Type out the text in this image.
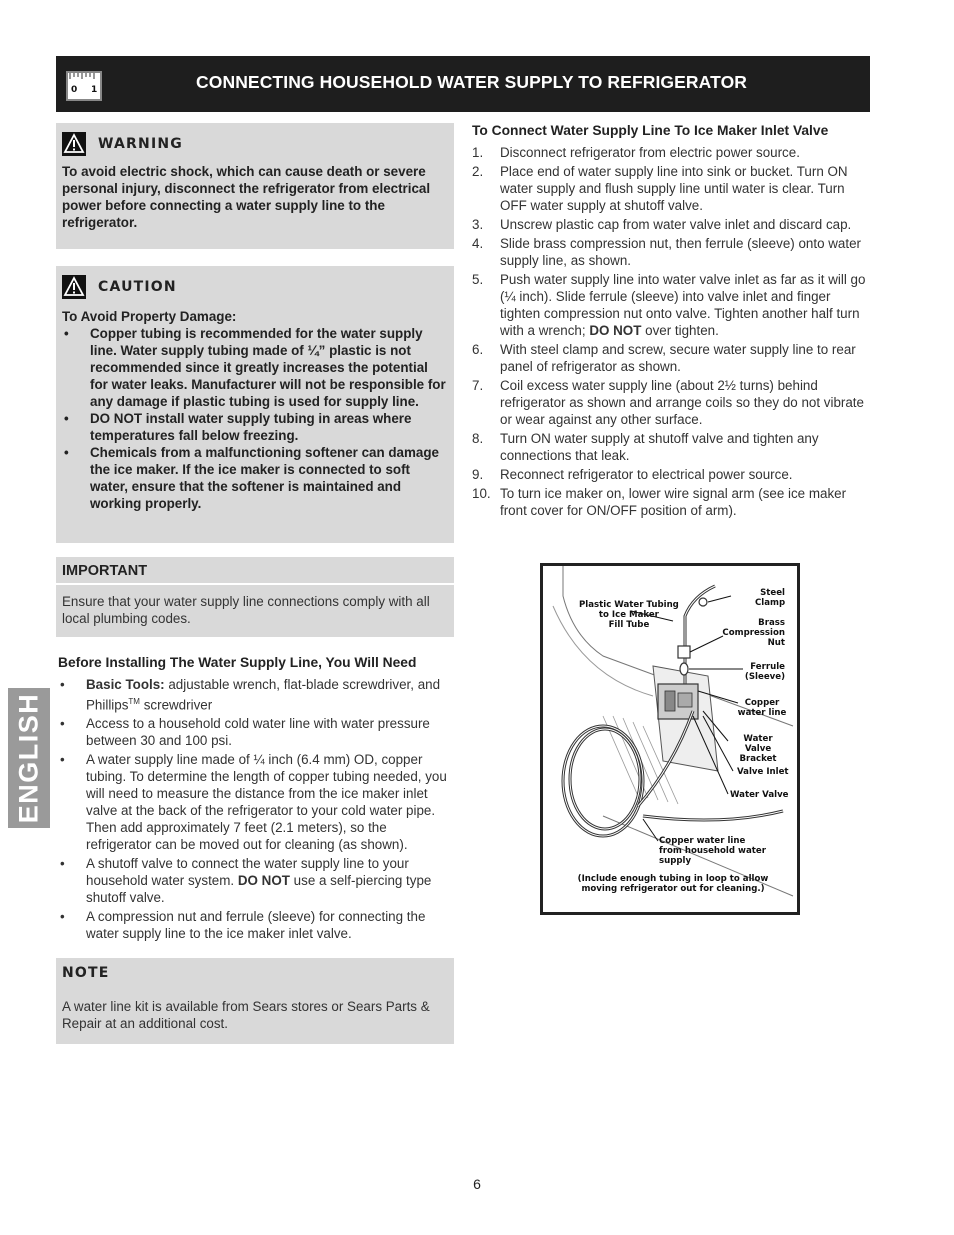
0 1	CONNECTING HOUSEHOLD WATER SUPPLY TO REFRIGERATOR
WARNING
To avoid electric shock, which can cause death or severe personal injury, disconnect the refrigerator from electrical power before connecting a water supply line to the refrigerator.
CAUTION
To Avoid Property Damage:
• Copper tubing is recommended for the water supply line. Water supply tubing made of ¼” plastic is not recommended since it greatly increases the potential for water leaks. Manufacturer will not be responsible for any damage if plastic tubing is used for supply line.
• DO NOT install water supply tubing in areas where temperatures fall below freezing.
• Chemicals from a malfunctioning softener can damage the ice maker. If the ice maker is connected to soft water, ensure that the softener is maintained and working properly.
IMPORTANT
Ensure that your water supply line connections comply with all local plumbing codes.
Before Installing The Water Supply Line, You Will Need
• Basic Tools: adjustable wrench, flat-blade screwdriver, and Phillips™ screwdriver
• Access to a household cold water line with water pressure between 30 and 100 psi.
• A water supply line made of ¼ inch (6.4 mm) OD, copper tubing. To determine the length of copper tubing needed, you will need to measure the distance from the ice maker inlet valve at the back of the refrigerator to your cold water pipe. Then add approximately 7 feet (2.1 meters), so the refrigerator can be moved out for cleaning (as shown).
• A shutoff valve to connect the water supply line to your household water system. DO NOT use a self-piercing type shutoff valve.
• A compression nut and ferrule (sleeve) for connecting the water supply line to the ice maker inlet valve.
NOTE
A water line kit is available from Sears stores or Sears Parts & Repair at an additional cost.
To Connect Water Supply Line To Ice Maker Inlet Valve
1. Disconnect refrigerator from electric power source.
2. Place end of water supply line into sink or bucket. Turn ON water supply and flush supply line until water is clear. Turn OFF water supply at shutoff valve.
3. Unscrew plastic cap from water valve inlet and discard cap.
4. Slide brass compression nut, then ferrule (sleeve) onto water supply line, as shown.
5. Push water supply line into water valve inlet as far as it will go (¼ inch). Slide ferrule (sleeve) into valve inlet and finger tighten compression nut onto valve. Tighten another half turn with a wrench; DO NOT over tighten.
6. With steel clamp and screw, secure water supply line to rear panel of refrigerator as shown.
7. Coil excess water supply line (about 2½ turns) behind refrigerator as shown and arrange coils so they do not vibrate or wear against any other surface.
8. Turn ON water supply at shutoff valve and tighten any connections that leak.
9. Reconnect refrigerator to electrical power source.
10. To turn ice maker on, lower wire signal arm (see ice maker front cover for ON/OFF position of arm).
Plastic Water Tubing
to Ice Maker
Fill Tube
Steel
Clamp
Brass
Compression
Nut
Ferrule
(Sleeve)
Copper
water line
Water Valve
Bracket
Valve Inlet
Water Valve
Copper water line
from household water supply
(Include enough tubing in loop to allow
moving refrigerator out for cleaning.)
ENGLISH
6
